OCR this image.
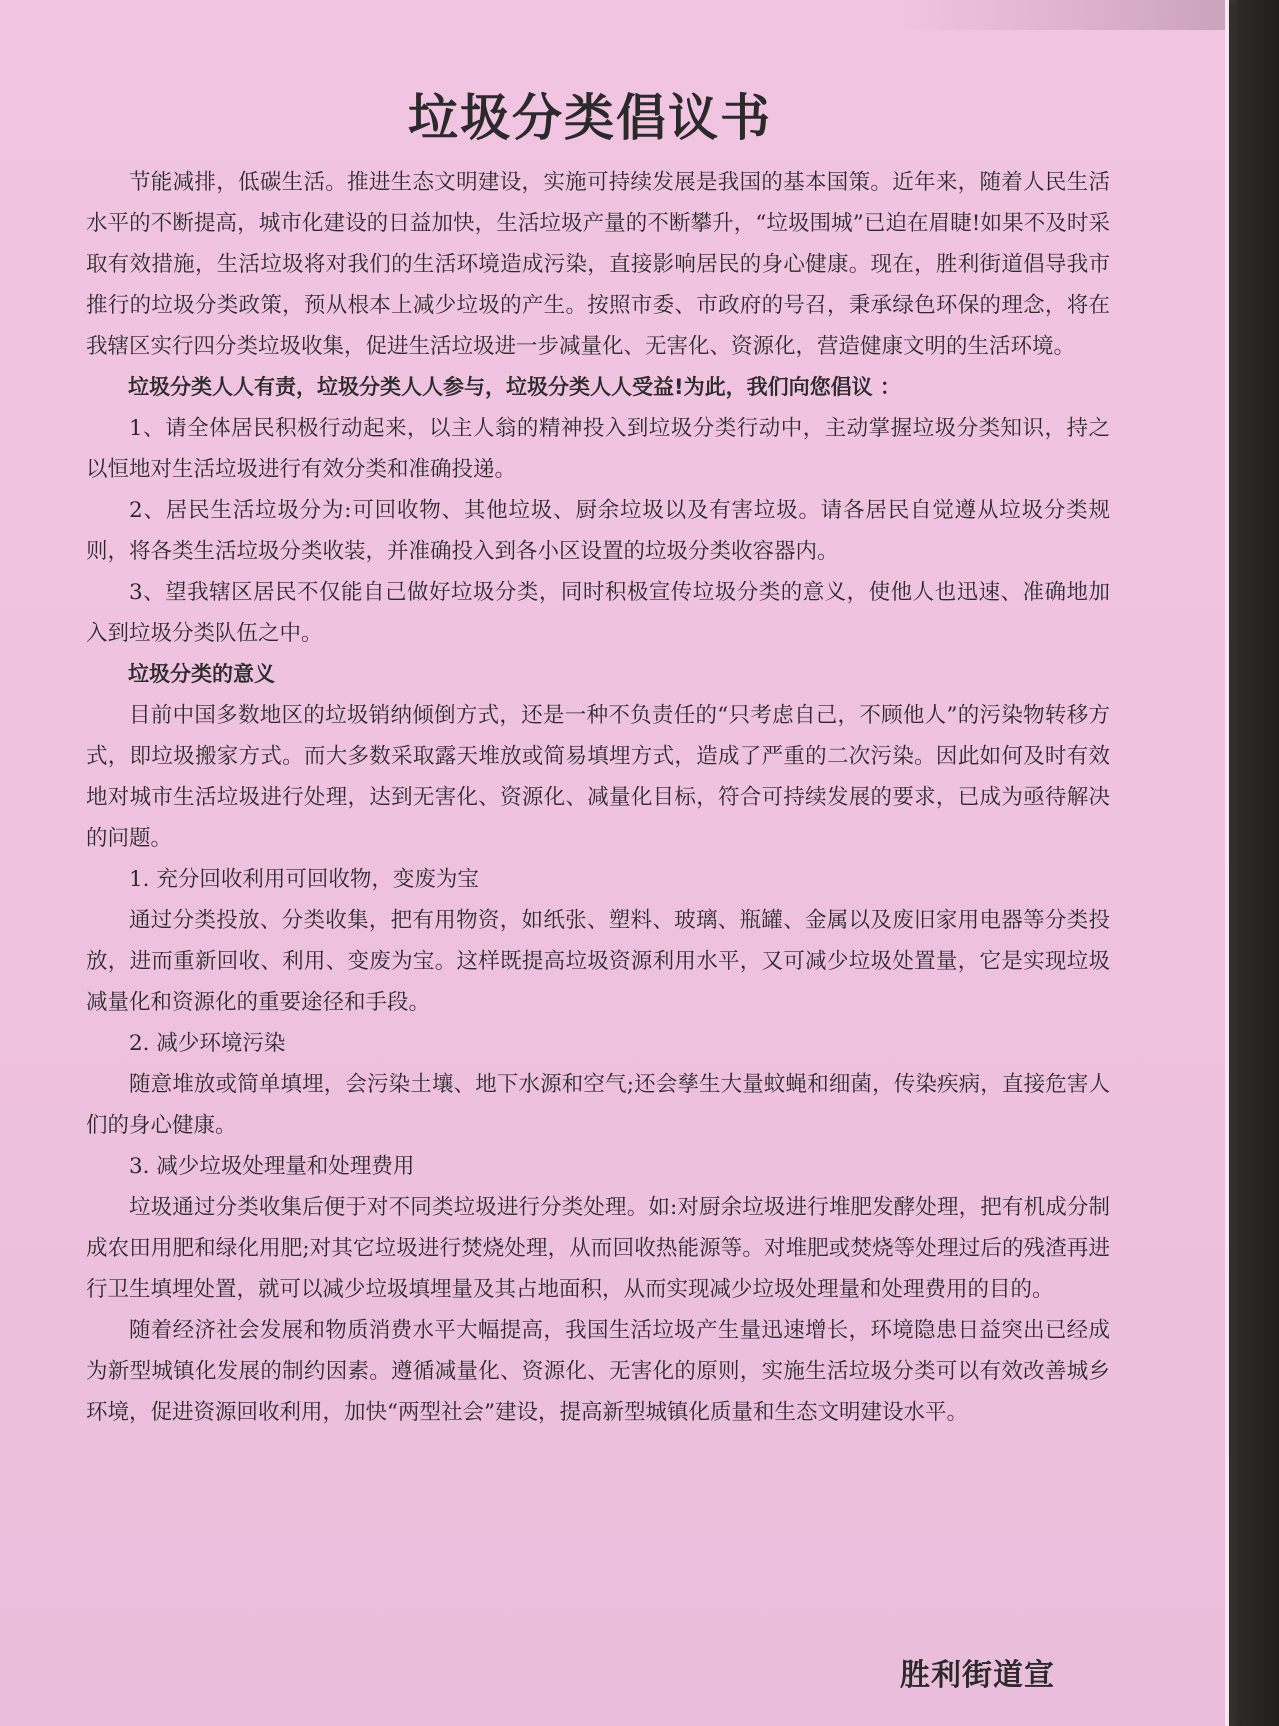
垃圾分类倡议书

节能减排，低碳生活。推进生态文明建设，实施可持续发展是我国的基本国策。近年来，随着人民生活水平的不断提高，城市化建设的日益加快，生活垃圾产量的不断攀升，“垃圾围城”已迫在眉睫!如果不及时采取有效措施，生活垃圾将对我们的生活环境造成污染，直接影响居民的身心健康。现在，胜利街道倡导我市推行的垃圾分类政策，预从根本上减少垃圾的产生。按照市委、市政府的号召，秉承绿色环保的理念，将在我辖区实行四分类垃圾收集，促进生活垃圾进一步减量化、无害化、资源化，营造健康文明的生活环境。

垃圾分类人人有责，垃圾分类人人参与，垃圾分类人人受益!为此，我们向您倡议 ：

1、请全体居民积极行动起来，以主人翁的精神投入到垃圾分类行动中，主动掌握垃圾分类知识，持之以恒地对生活垃圾进行有效分类和准确投递。

2、居民生活垃圾分为:可回收物、其他垃圾、厨余垃圾以及有害垃圾。请各居民自觉遵从垃圾分类规则，将各类生活垃圾分类收装，并准确投入到各小区设置的垃圾分类收容器内。

3、望我辖区居民不仅能自己做好垃圾分类，同时积极宣传垃圾分类的意义，使他人也迅速、准确地加入到垃圾分类队伍之中。

垃圾分类的意义

目前中国多数地区的垃圾销纳倾倒方式，还是一种不负责任的“只考虑自己，不顾他人”的污染物转移方式，即垃圾搬家方式。而大多数采取露天堆放或简易填埋方式，造成了严重的二次污染。因此如何及时有效地对城市生活垃圾进行处理，达到无害化、资源化、减量化目标，符合可持续发展的要求，已成为亟待解决的问题。

1. 充分回收利用可回收物，变废为宝

通过分类投放、分类收集，把有用物资，如纸张、塑料、玻璃、瓶罐、金属以及废旧家用电器等分类投放，进而重新回收、利用、变废为宝。这样既提高垃圾资源利用水平，又可减少垃圾处置量，它是实现垃圾减量化和资源化的重要途径和手段。

2. 减少环境污染

随意堆放或简单填埋，会污染土壤、地下水源和空气;还会孳生大量蚊蝇和细菌，传染疾病，直接危害人们的身心健康。

3. 减少垃圾处理量和处理费用

垃圾通过分类收集后便于对不同类垃圾进行分类处理。如:对厨余垃圾进行堆肥发酵处理，把有机成分制成农田用肥和绿化用肥;对其它垃圾进行焚烧处理，从而回收热能源等。对堆肥或焚烧等处理过后的残渣再进行卫生填埋处置，就可以减少垃圾填埋量及其占地面积，从而实现减少垃圾处理量和处理费用的目的。

随着经济社会发展和物质消费水平大幅提高，我国生活垃圾产生量迅速增长，环境隐患日益突出已经成为新型城镇化发展的制约因素。遵循减量化、资源化、无害化的原则，实施生活垃圾分类可以有效改善城乡环境，促进资源回收利用，加快“两型社会”建设，提高新型城镇化质量和生态文明建设水平。

胜利街道宣
